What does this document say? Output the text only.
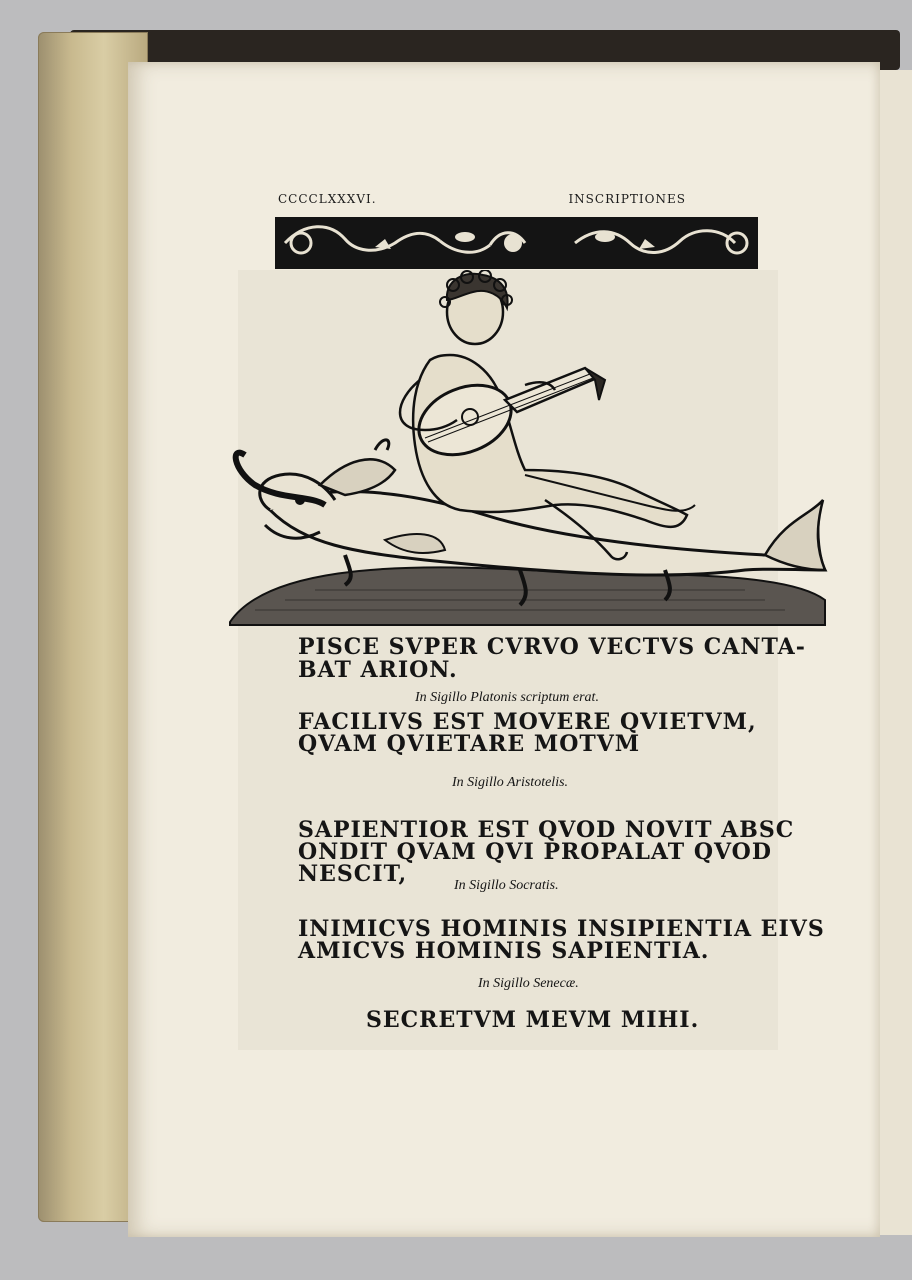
CCCCLXXXVI.	INSCRIPTIONES
PISCE SVPER CVRVO VECTVS CANTA-
BAT ARION.
In Sigillo Platonis scriptum erat.
FACILIVS EST MOVERE QVIETVM,
QVAM QVIETARE MOTVM
In Sigillo Aristotelis.
SAPIENTIOR EST QVOD NOVIT ABSC
ONDIT QVAM QVI PROPALAT QVOD
NESCIT,	In Sigillo Socratis.
INIMICVS HOMINIS INSIPIENTIA EIVS
AMICVS HOMINIS SAPIENTIA.
In Sigillo Senecæ.
SECRETVM MEVM MIHI.
